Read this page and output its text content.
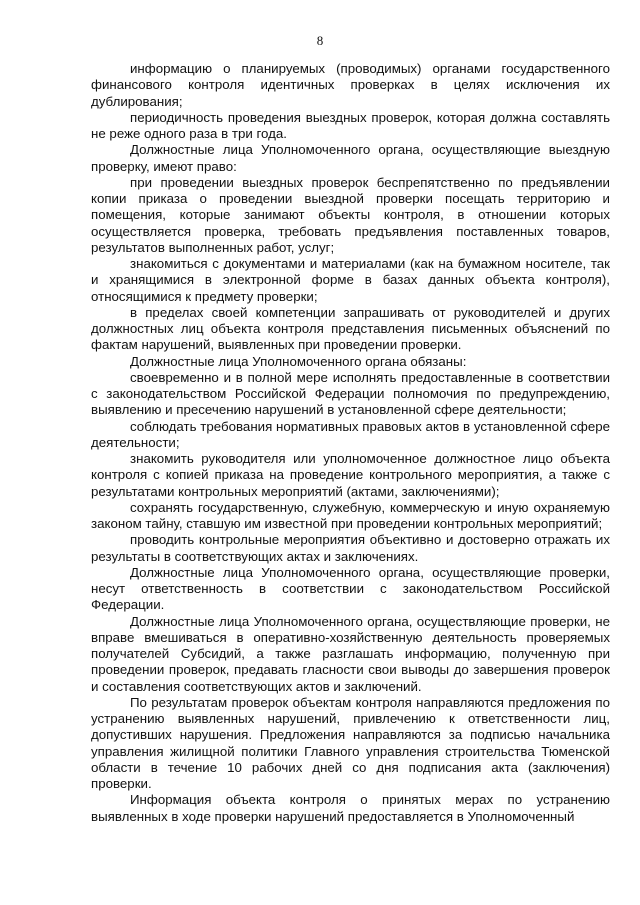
8

информацию о планируемых (проводимых) органами государственного финансового контроля идентичных проверках в целях исключения их дублирования;

периодичность проведения выездных проверок, которая должна составлять не реже одного раза в три года.

Должностные лица Уполномоченного органа, осуществляющие выездную проверку, имеют право:

при проведении выездных проверок беспрепятственно по предъявлении копии приказа о проведении выездной проверки посещать территорию и помещения, которые занимают объекты контроля, в отношении которых осуществляется проверка, требовать предъявления поставленных товаров, результатов выполненных работ, услуг;

знакомиться с документами и материалами (как на бумажном носителе, так и хранящимися в электронной форме в базах данных объекта контроля), относящимися к предмету проверки;

в пределах своей компетенции запрашивать от руководителей и других должностных лиц объекта контроля представления письменных объяснений по фактам нарушений, выявленных при проведении проверки.

Должностные лица Уполномоченного органа обязаны:

своевременно и в полной мере исполнять предоставленные в соответствии с законодательством Российской Федерации полномочия по предупреждению, выявлению и пресечению нарушений в установленной сфере деятельности;

соблюдать требования нормативных правовых актов в установленной сфере деятельности;

знакомить руководителя или уполномоченное должностное лицо объекта контроля с копией приказа на проведение контрольного мероприятия, а также с результатами контрольных мероприятий (актами, заключениями);

сохранять государственную, служебную, коммерческую и иную охраняемую законом тайну, ставшую им известной при проведении контрольных мероприятий;

проводить контрольные мероприятия объективно и достоверно отражать их результаты в соответствующих актах и заключениях.

Должностные лица Уполномоченного органа, осуществляющие проверки, несут ответственность в соответствии с законодательством Российской Федерации.

Должностные лица Уполномоченного органа, осуществляющие проверки, не вправе вмешиваться в оперативно-хозяйственную деятельность проверяемых получателей Субсидий, а также разглашать информацию, полученную при проведении проверок, предавать гласности свои выводы до завершения проверок и составления соответствующих актов и заключений.

По результатам проверок объектам контроля направляются предложения по устранению выявленных нарушений, привлечению к ответственности лиц, допустивших нарушения. Предложения направляются за подписью начальника управления жилищной политики Главного управления строительства Тюменской области в течение 10 рабочих дней со дня подписания акта (заключения) проверки.

Информация объекта контроля о принятых мерах по устранению выявленных в ходе проверки нарушений предоставляется в Уполномоченный
